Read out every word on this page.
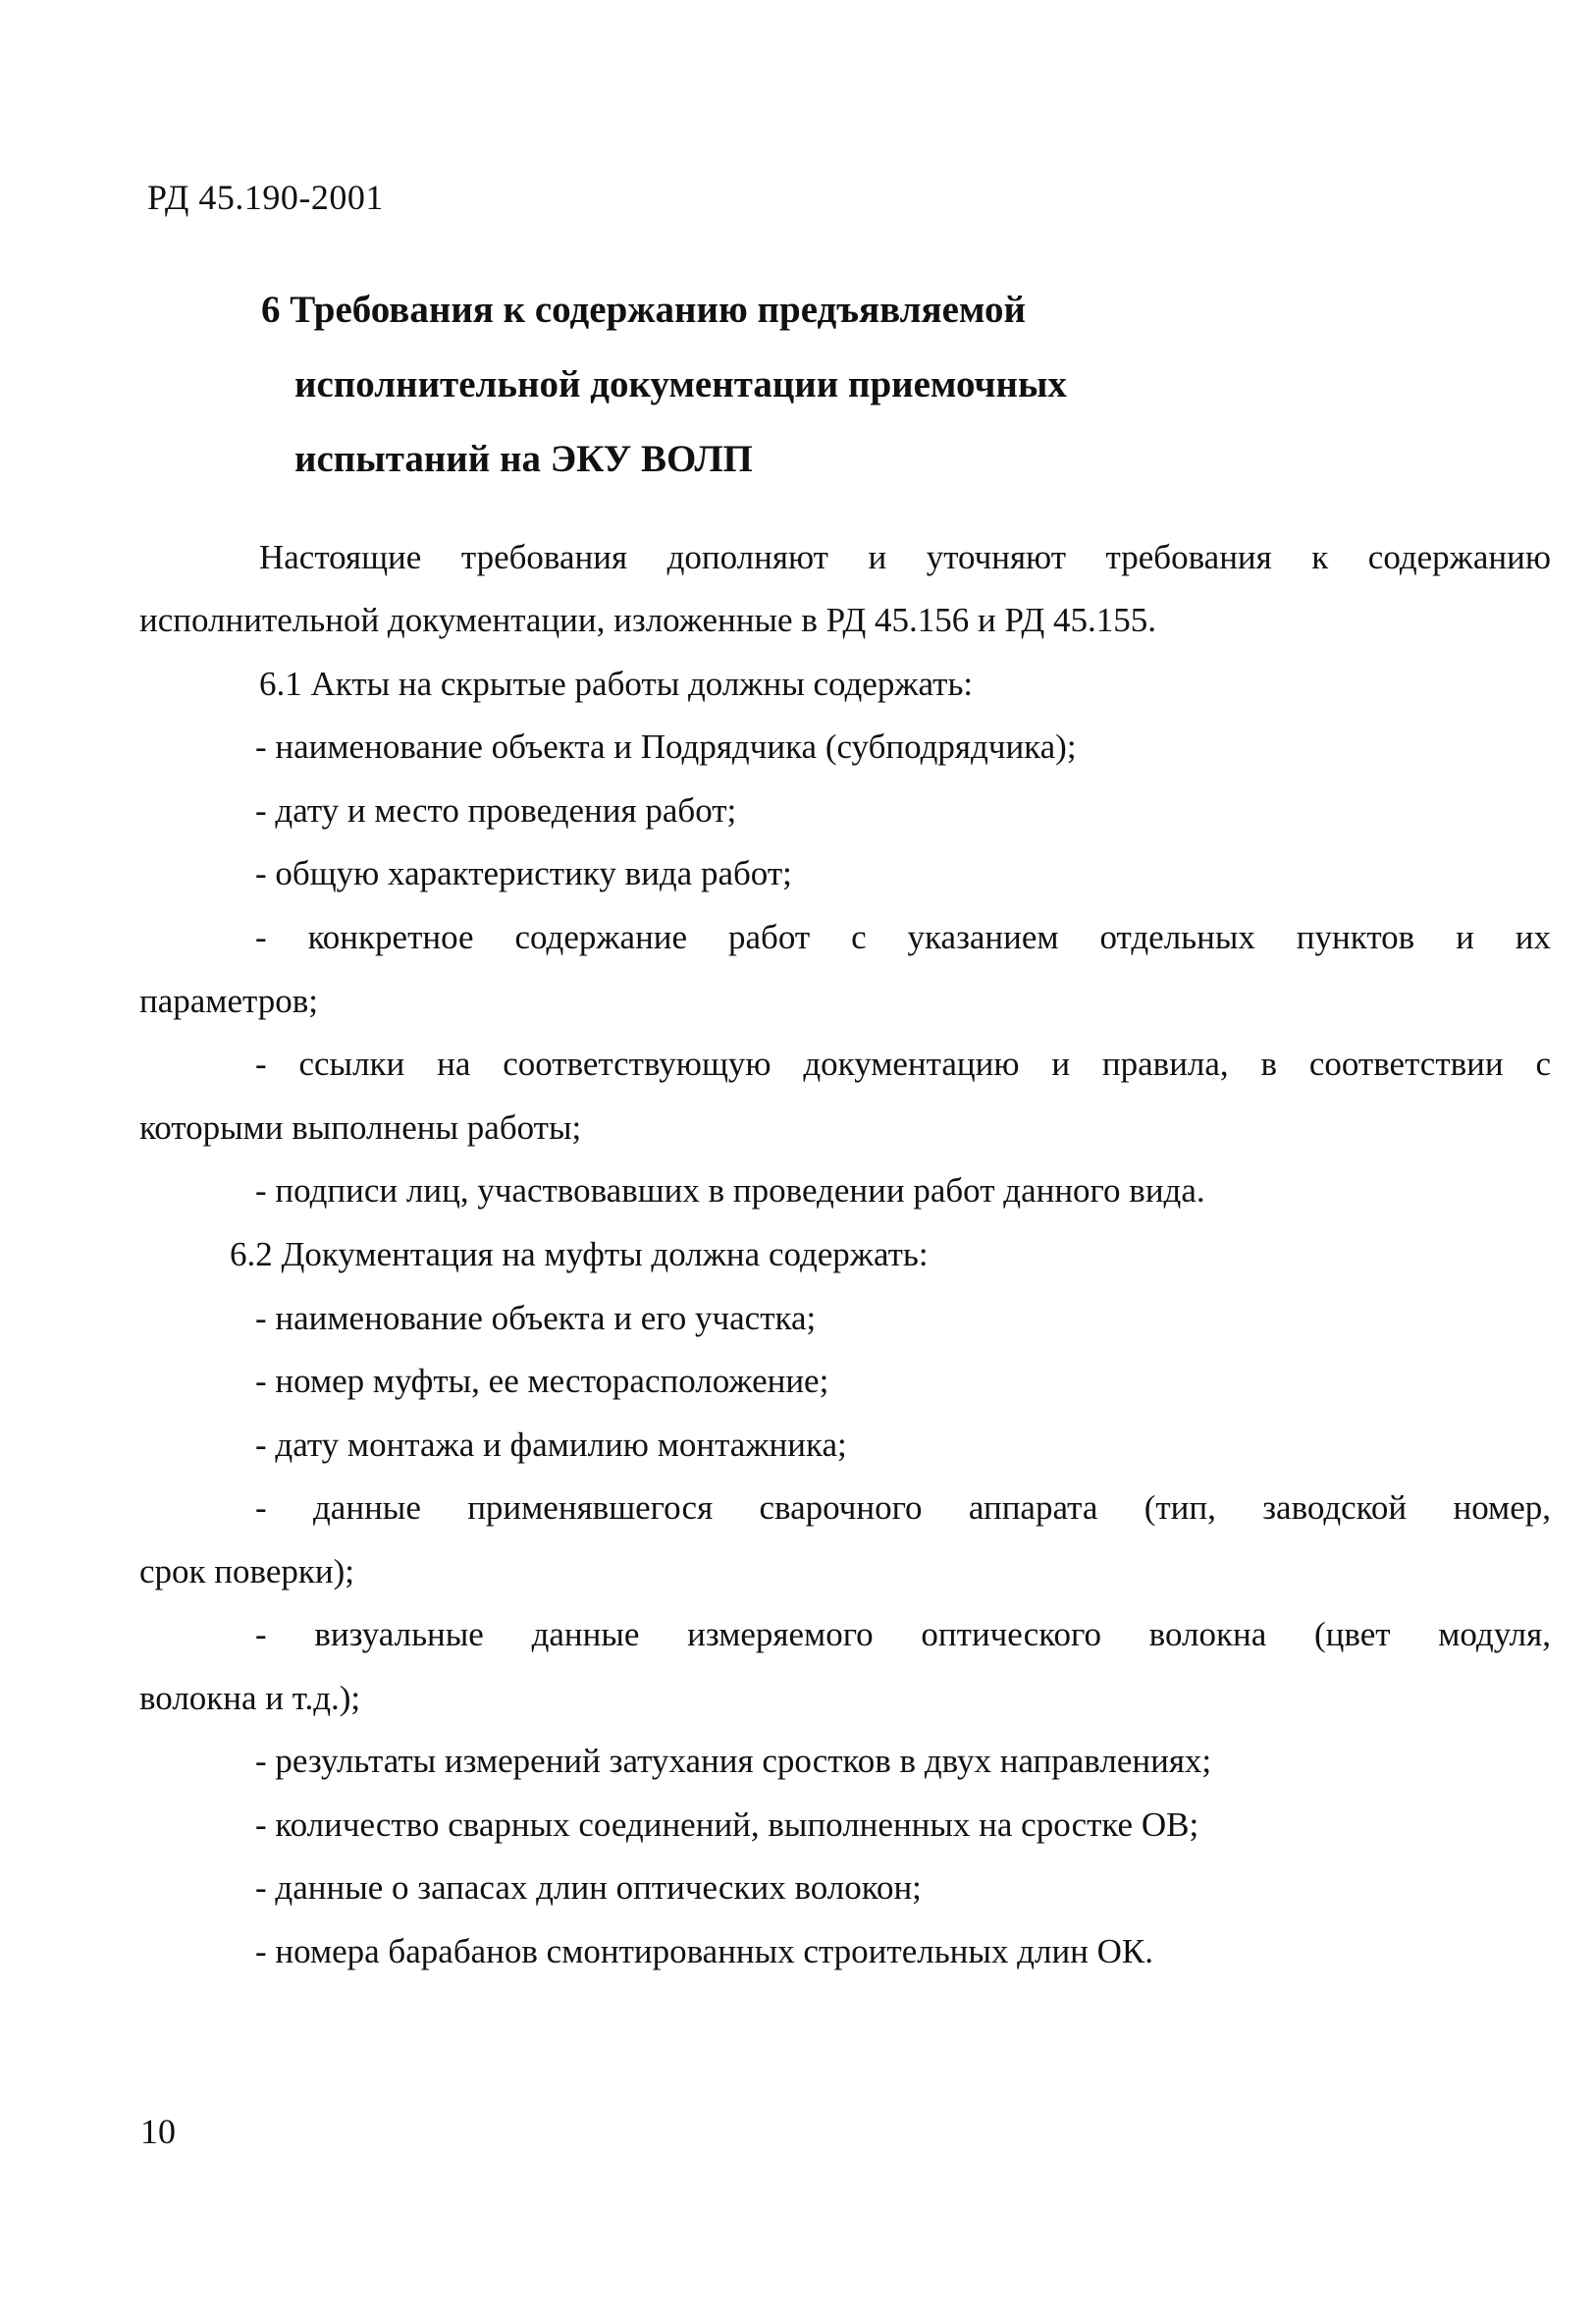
РД 45.190-2001
6 Требования к содержанию предъявляемой
исполнительной документации приемочных
испытаний на ЭКУ ВОЛП
Настоящие требования дополняют и уточняют требования к содержанию
исполнительной документации, изложенные в РД 45.156 и РД 45.155.
6.1 Акты на скрытые работы должны содержать:
- наименование объекта и Подрядчика (субподрядчика);
- дату и место проведения работ;
- общую характеристику вида работ;
- конкретное содержание работ с указанием отдельных пунктов и их
параметров;
- ссылки на соответствующую документацию и правила, в соответствии с
которыми выполнены работы;
- подписи лиц, участвовавших в проведении работ данного вида.
6.2 Документация на муфты должна содержать:
- наименование объекта и его участка;
- номер муфты, ее месторасположение;
- дату монтажа и фамилию монтажника;
- данные применявшегося сварочного аппарата (тип, заводской номер,
срок поверки);
- визуальные данные измеряемого оптического волокна (цвет модуля,
волокна и т.д.);
- результаты измерений затухания сростков в двух направлениях;
- количество сварных соединений, выполненных на сростке ОВ;
- данные о запасах длин оптических волокон;
- номера барабанов смонтированных строительных длин ОК.
10
